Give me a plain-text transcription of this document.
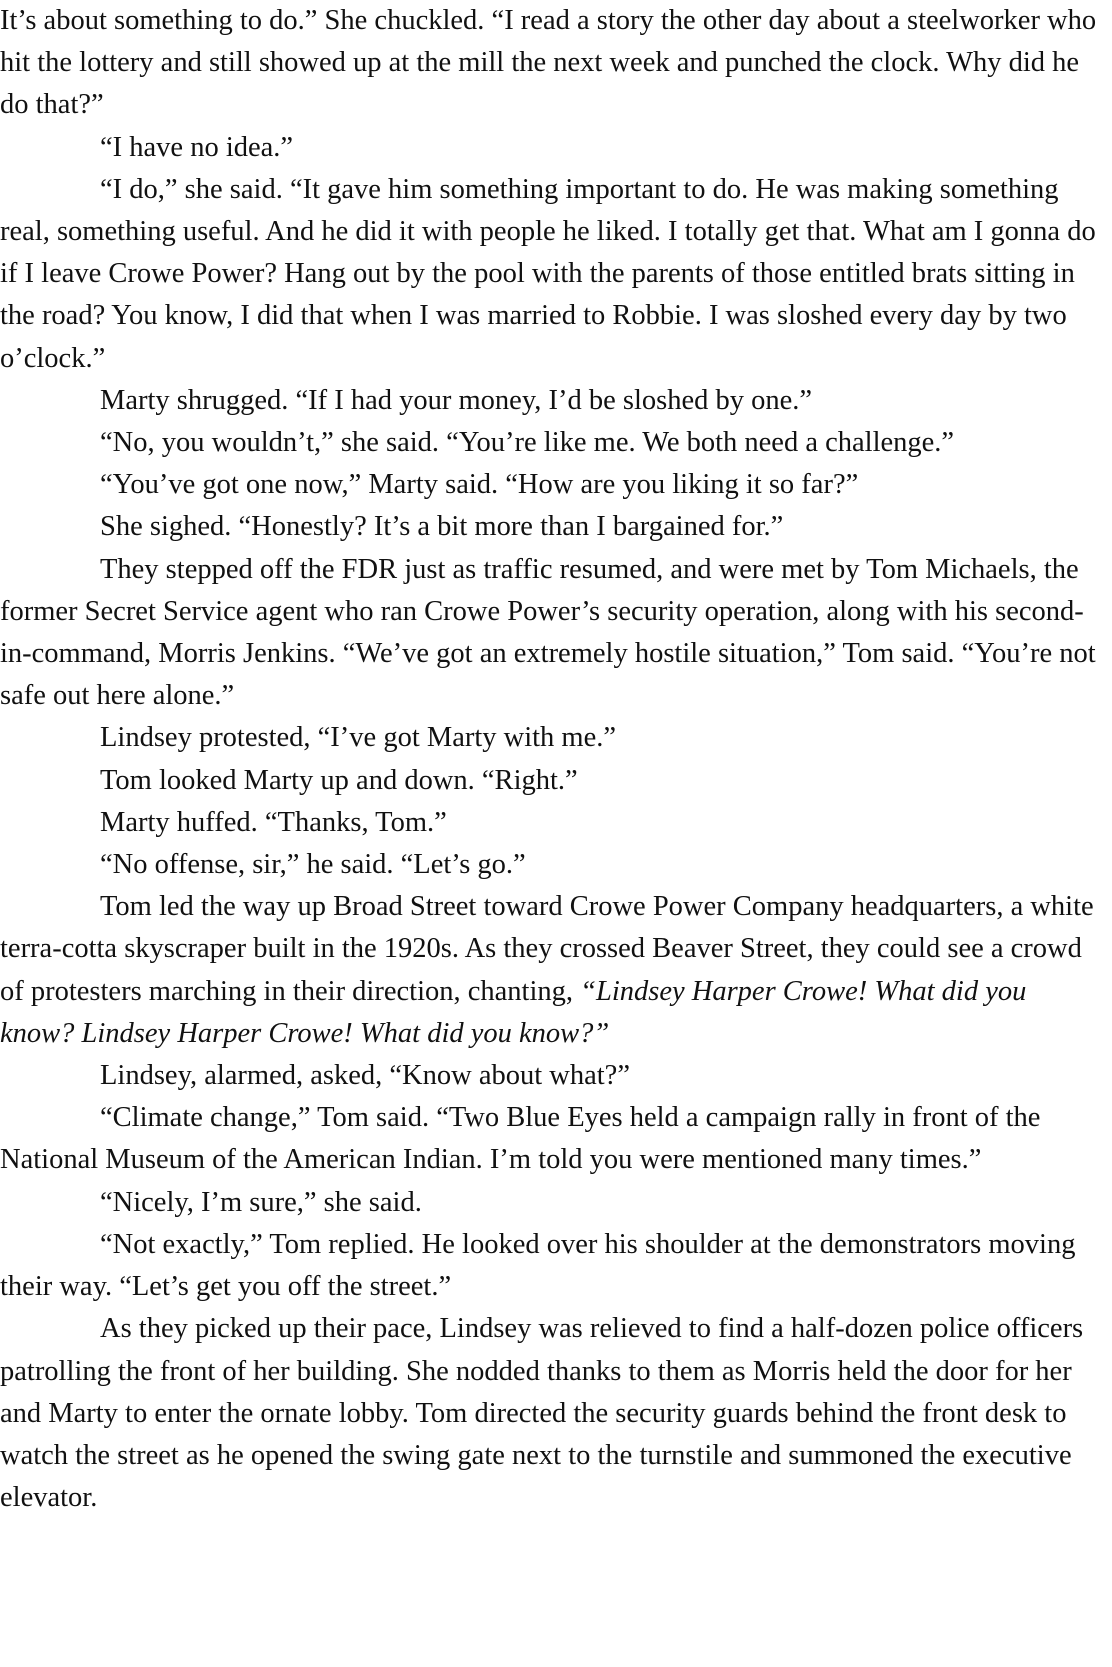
It’s about something to do.” She chuckled. “I read a story the other day about a steelworker who hit the lottery and still showed up at the mill the next week and punched the clock. Why did he do that?”

“I have no idea.”

“I do,” she said. “It gave him something important to do. He was making something real, something useful. And he did it with people he liked. I totally get that. What am I gonna do if I leave Crowe Power? Hang out by the pool with the parents of those entitled brats sitting in the road? You know, I did that when I was married to Robbie. I was sloshed every day by two o’clock.”

Marty shrugged. “If I had your money, I’d be sloshed by one.”

“No, you wouldn’t,” she said. “You’re like me. We both need a challenge.”

“You’ve got one now,” Marty said. “How are you liking it so far?”

She sighed. “Honestly? It’s a bit more than I bargained for.”

They stepped off the FDR just as traffic resumed, and were met by Tom Michaels, the former Secret Service agent who ran Crowe Power’s security operation, along with his second-in-command, Morris Jenkins. “We’ve got an extremely hostile situation,” Tom said. “You’re not safe out here alone.”

Lindsey protested, “I’ve got Marty with me.”

Tom looked Marty up and down. “Right.”

Marty huffed. “Thanks, Tom.”

“No offense, sir,” he said. “Let’s go.”

Tom led the way up Broad Street toward Crowe Power Company headquarters, a white terra-cotta skyscraper built in the 1920s. As they crossed Beaver Street, they could see a crowd of protesters marching in their direction, chanting, “Lindsey Harper Crowe! What did you know? Lindsey Harper Crowe! What did you know?”

Lindsey, alarmed, asked, “Know about what?”

“Climate change,” Tom said. “Two Blue Eyes held a campaign rally in front of the National Museum of the American Indian. I’m told you were mentioned many times.”

“Nicely, I’m sure,” she said.

“Not exactly,” Tom replied. He looked over his shoulder at the demonstrators moving their way. “Let’s get you off the street.”

As they picked up their pace, Lindsey was relieved to find a half-dozen police officers patrolling the front of her building. She nodded thanks to them as Morris held the door for her and Marty to enter the ornate lobby. Tom directed the security guards behind the front desk to watch the street as he opened the swing gate next to the turnstile and summoned the executive elevator.
